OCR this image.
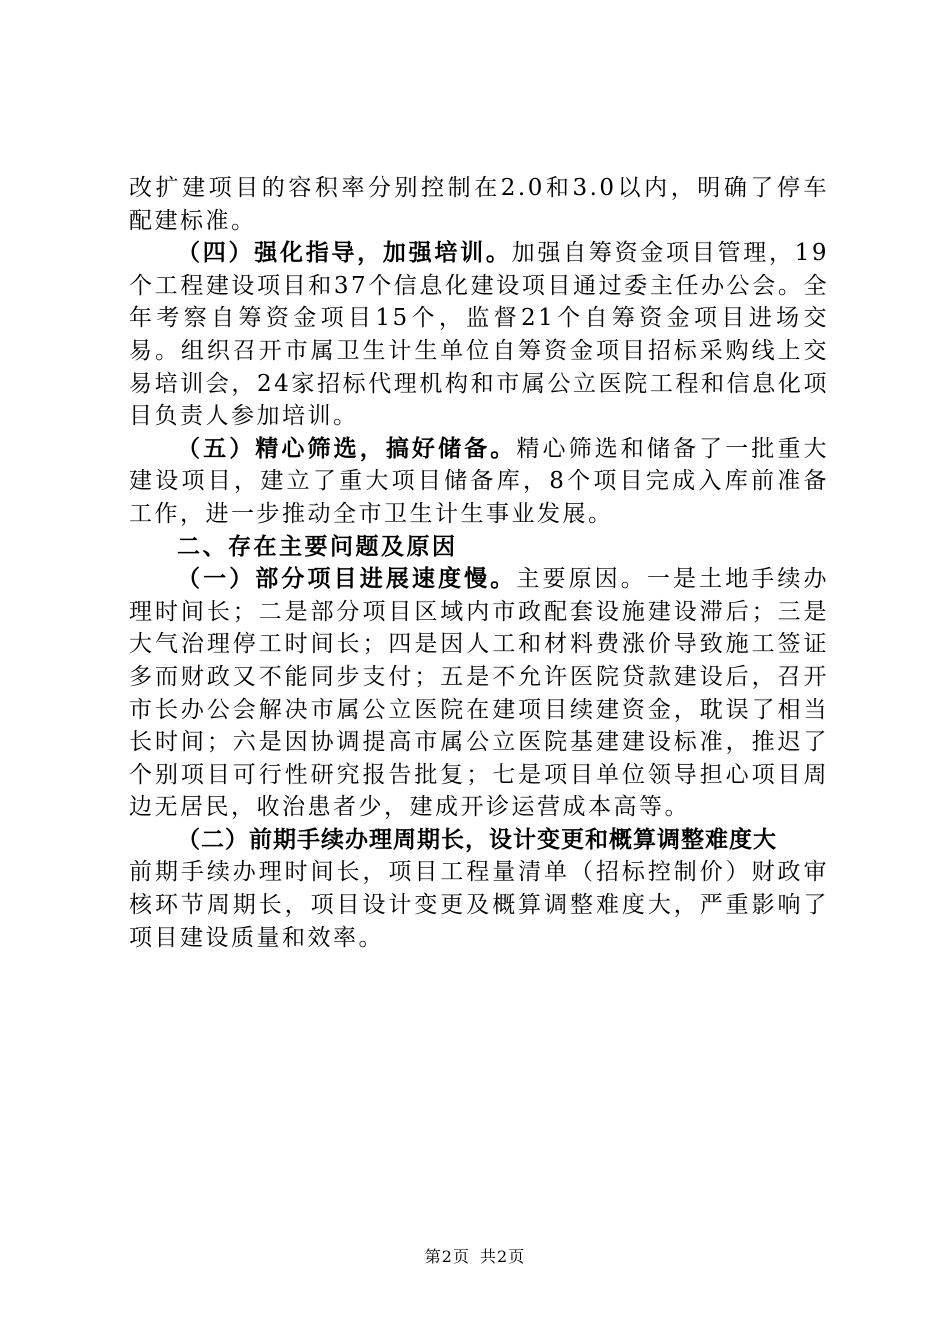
改扩建项目的容积率分别控制在2.0和3.0以内，明确了停车配建标准。

（四）强化指导，加强培训。加强自筹资金项目管理，19个工程建设项目和37个信息化建设项目通过委主任办公会。全年考察自筹资金项目15个，监督21个自筹资金项目进场交易。组织召开市属卫生计生单位自筹资金项目招标采购线上交易培训会，24家招标代理机构和市属公立医院工程和信息化项目负责人参加培训。

（五）精心筛选，搞好储备。精心筛选和储备了一批重大建设项目，建立了重大项目储备库，8个项目完成入库前准备工作，进一步推动全市卫生计生事业发展。

二、存在主要问题及原因

（一）部分项目进展速度慢。主要原因。一是土地手续办理时间长；二是部分项目区域内市政配套设施建设滞后；三是大气治理停工时间长；四是因人工和材料费涨价导致施工签证多而财政又不能同步支付；五是不允许医院贷款建设后，召开市长办公会解决市属公立医院在建项目续建资金，耽误了相当长时间；六是因协调提高市属公立医院基建建设标准，推迟了个别项目可行性研究报告批复；七是项目单位领导担心项目周边无居民，收治患者少，建成开诊运营成本高等。

（二）前期手续办理周期长，设计变更和概算调整难度大

前期手续办理时间长，项目工程量清单（招标控制价）财政审核环节周期长，项目设计变更及概算调整难度大，严重影响了项目建设质量和效率。

第2页 共2页
